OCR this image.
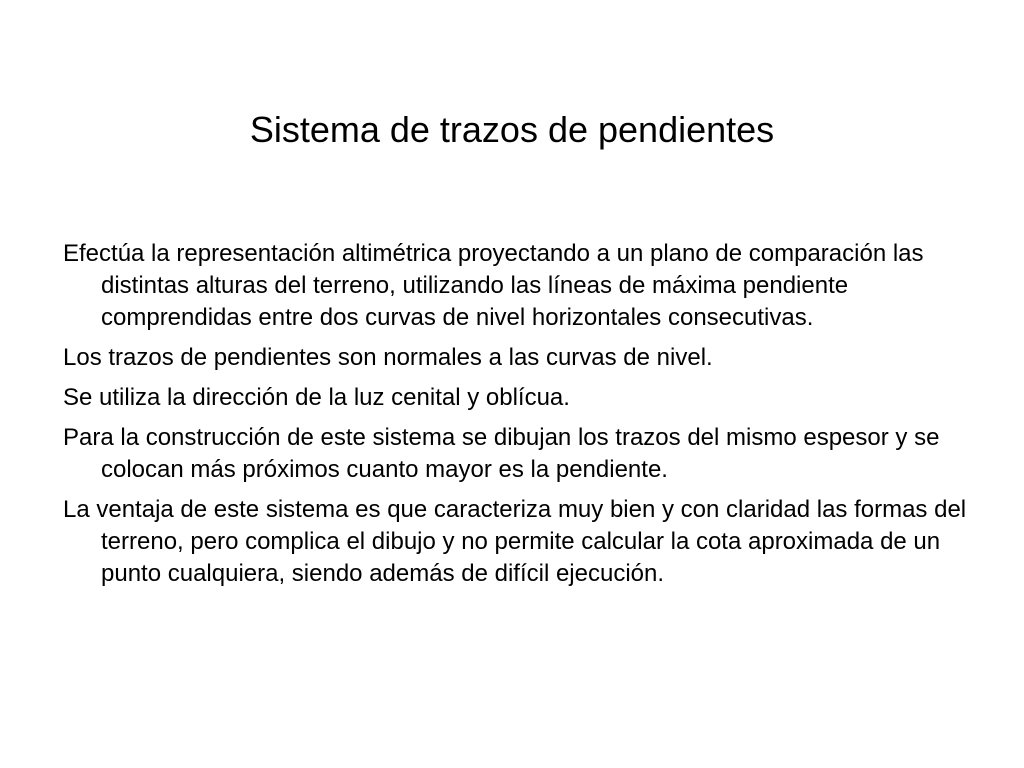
Sistema de trazos de pendientes
Efectúa la representación altimétrica proyectando a un plano de comparación las distintas alturas del terreno, utilizando las líneas de máxima pendiente comprendidas entre dos curvas de nivel horizontales consecutivas.
Los trazos de pendientes son normales a las curvas de nivel.
Se utiliza la dirección de la luz cenital y oblícua.
Para la construcción de este sistema se dibujan los trazos del mismo espesor y se colocan más próximos cuanto mayor es la pendiente.
La ventaja de este sistema es que caracteriza muy bien y con claridad las formas del terreno, pero complica el dibujo y no permite calcular la cota aproximada de un punto cualquiera, siendo además de difícil ejecución.
